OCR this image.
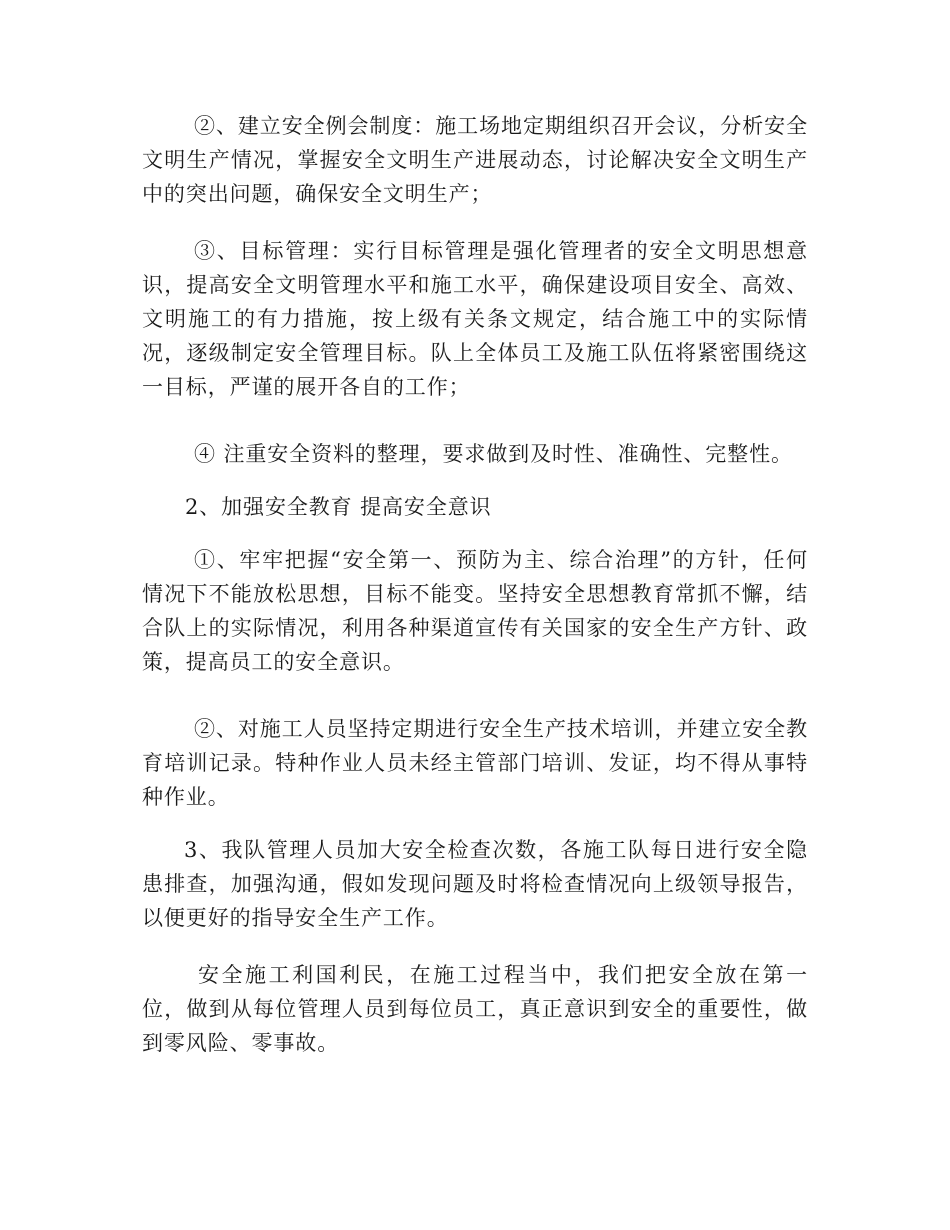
②、建立安全例会制度：施工场地定期组织召开会议，分析安全文明生产情况，掌握安全文明生产进展动态，讨论解决安全文明生产中的突出问题，确保安全文明生产；

③、目标管理：实行目标管理是强化管理者的安全文明思想意识，提高安全文明管理水平和施工水平，确保建设项目安全、高效、文明施工的有力措施，按上级有关条文规定，结合施工中的实际情况，逐级制定安全管理目标。队上全体员工及施工队伍将紧密围绕这一目标，严谨的展开各自的工作；

④ 注重安全资料的整理，要求做到及时性、准确性、完整性。

2、加强安全教育 提高安全意识

①、牢牢把握“安全第一、预防为主、综合治理”的方针，任何情况下不能放松思想，目标不能变。坚持安全思想教育常抓不懈，结合队上的实际情况，利用各种渠道宣传有关国家的安全生产方针、政策，提高员工的安全意识。

②、对施工人员坚持定期进行安全生产技术培训，并建立安全教育培训记录。特种作业人员未经主管部门培训、发证，均不得从事特种作业。

3、我队管理人员加大安全检查次数，各施工队每日进行安全隐患排查，加强沟通，假如发现问题及时将检查情况向上级领导报告，以便更好的指导安全生产工作。

安全施工利国利民，在施工过程当中，我们把安全放在第一位，做到从每位管理人员到每位员工，真正意识到安全的重要性，做到零风险、零事故。
